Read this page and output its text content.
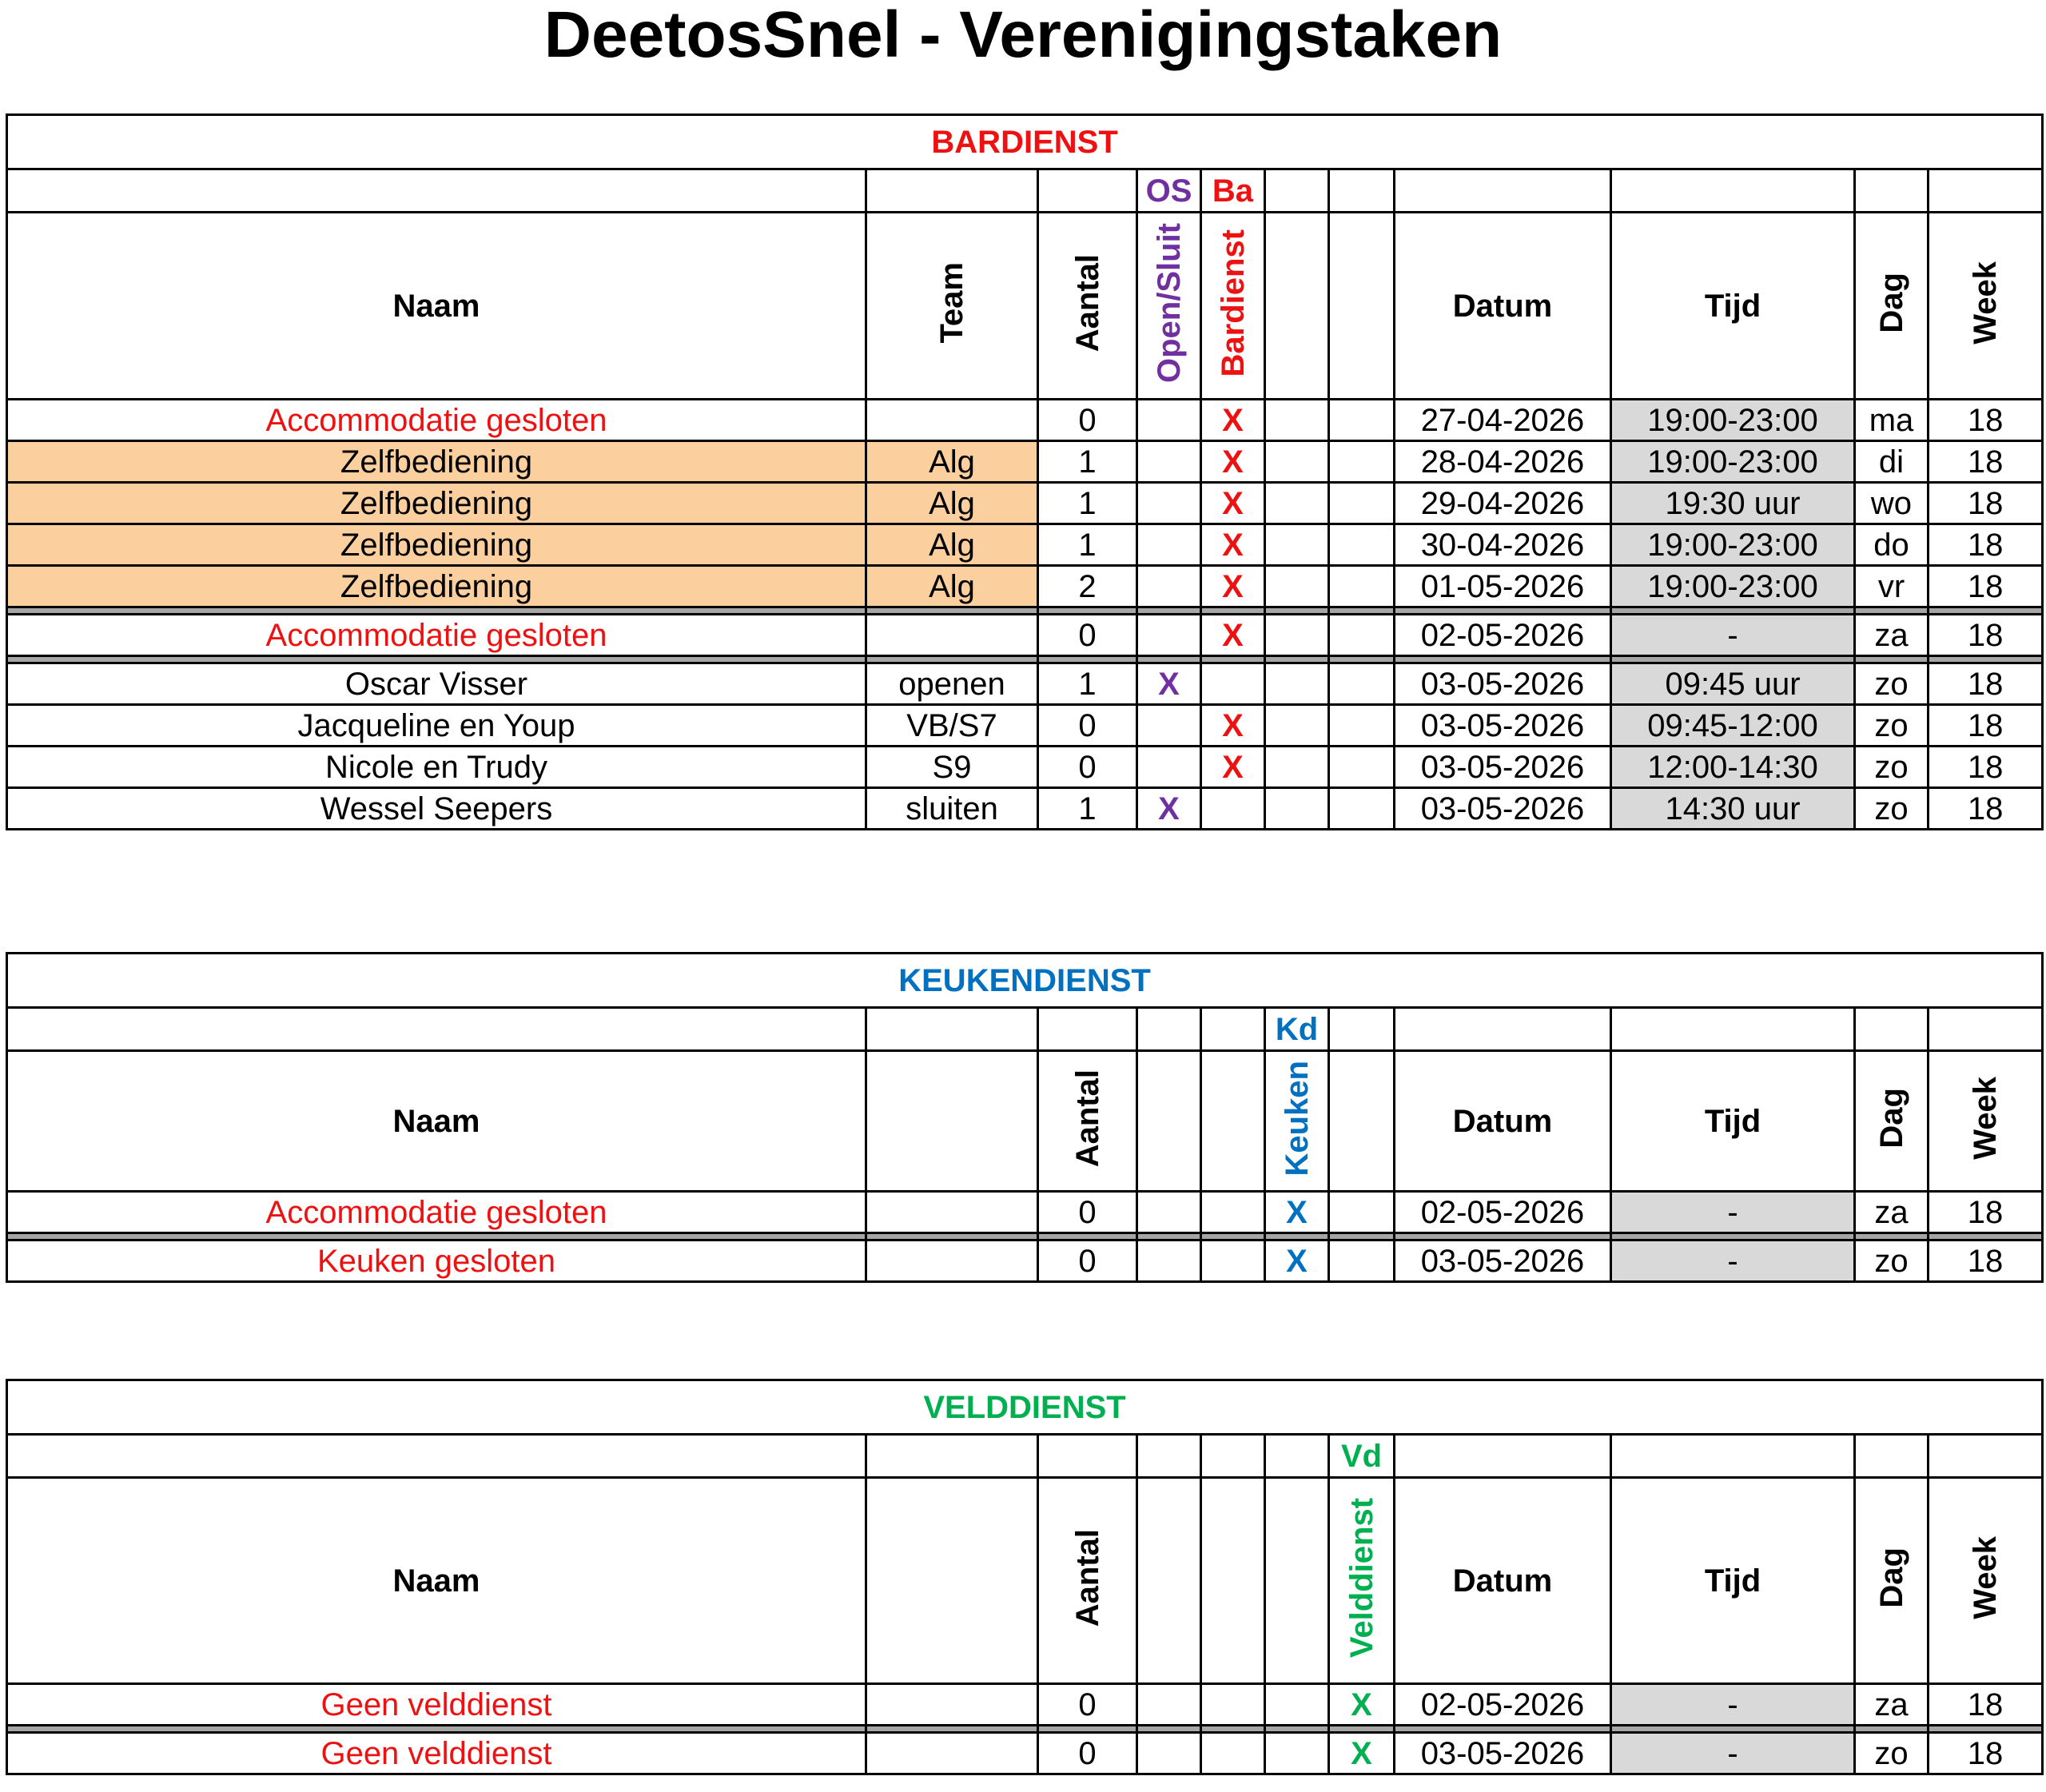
DeetosSnel - Verenigingstaken
BARDIENST										
			OS	Ba						
Naam	Team	Aantal	Open/Sluit	Bardienst			Datum	Tijd	Dag	Week
Accommodatie gesloten		0		X			27-04-2026	19:00-23:00	ma	18
Zelfbediening	Alg	1		X			28-04-2026	19:00-23:00	di	18
Zelfbediening	Alg	1		X			29-04-2026	19:30 uur	wo	18
Zelfbediening	Alg	1		X			30-04-2026	19:00-23:00	do	18
Zelfbediening	Alg	2		X			01-05-2026	19:00-23:00	vr	18

Accommodatie gesloten		0		X			02-05-2026	-	za	18

Oscar Visser	openen	1	X				03-05-2026	09:45 uur	zo	18
Jacqueline en Youp	VB/S7	0		X			03-05-2026	09:45-12:00	zo	18
Nicole en Trudy	S9	0		X			03-05-2026	12:00-14:30	zo	18
Wessel Seepers	sluiten	1	X				03-05-2026	14:30 uur	zo	18
KEUKENDIENST										
					Kd					
Naam		Aantal			Keuken		Datum	Tijd	Dag	Week
Accommodatie gesloten		0			X		02-05-2026	-	za	18

Keuken gesloten		0			X		03-05-2026	-	zo	18
VELDDIENST										
						Vd				
Naam		Aantal				Velddienst	Datum	Tijd	Dag	Week
Geen velddienst		0				X	02-05-2026	-	za	18

Geen velddienst		0				X	03-05-2026	-	zo	18
